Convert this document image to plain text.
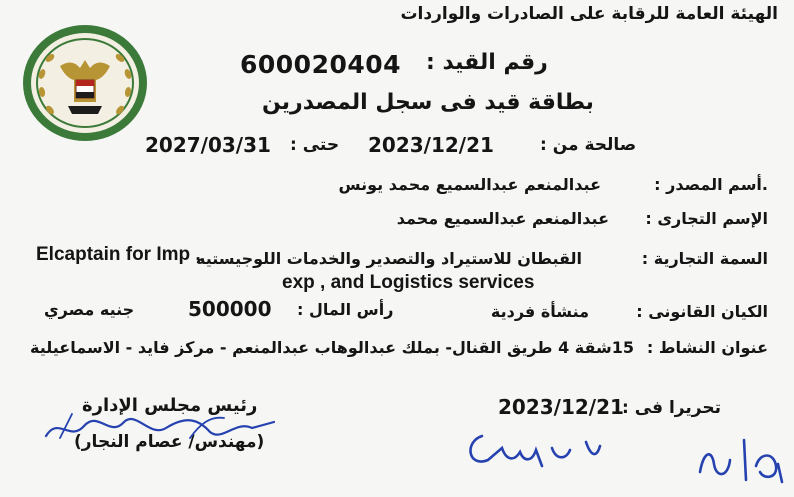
الهيئة العامة للرقابة على الصادرات والواردات
رقم القيد :
600020404
بطاقة قيد فى سجل المصدرين
صالحة من :
2023/12/21
حتى :
2027/03/31
.أسم المصدر :
عبدالمنعم عبدالسميع محمد يونس
الإسم التجارى :
عبدالمنعم عبدالسميع محمد
السمة التجارية :
القبطان للاستيراد والتصدير والخدمات اللوجيستيه
Elcaptain for Imp ,
exp , and Logistics services
الكيان القانونى :
منشأة فردية
رأس المال :
500000
جنيه مصري
عنوان النشاط :
15شقة 4 طريق القنال- بملك عبدالوهاب عبدالمنعم - مركز فايد - الاسماعيلية
تحريرا فى :
2023/12/21
رئيس مجلس الإدارة
(مهندس/ عصام النجار)
